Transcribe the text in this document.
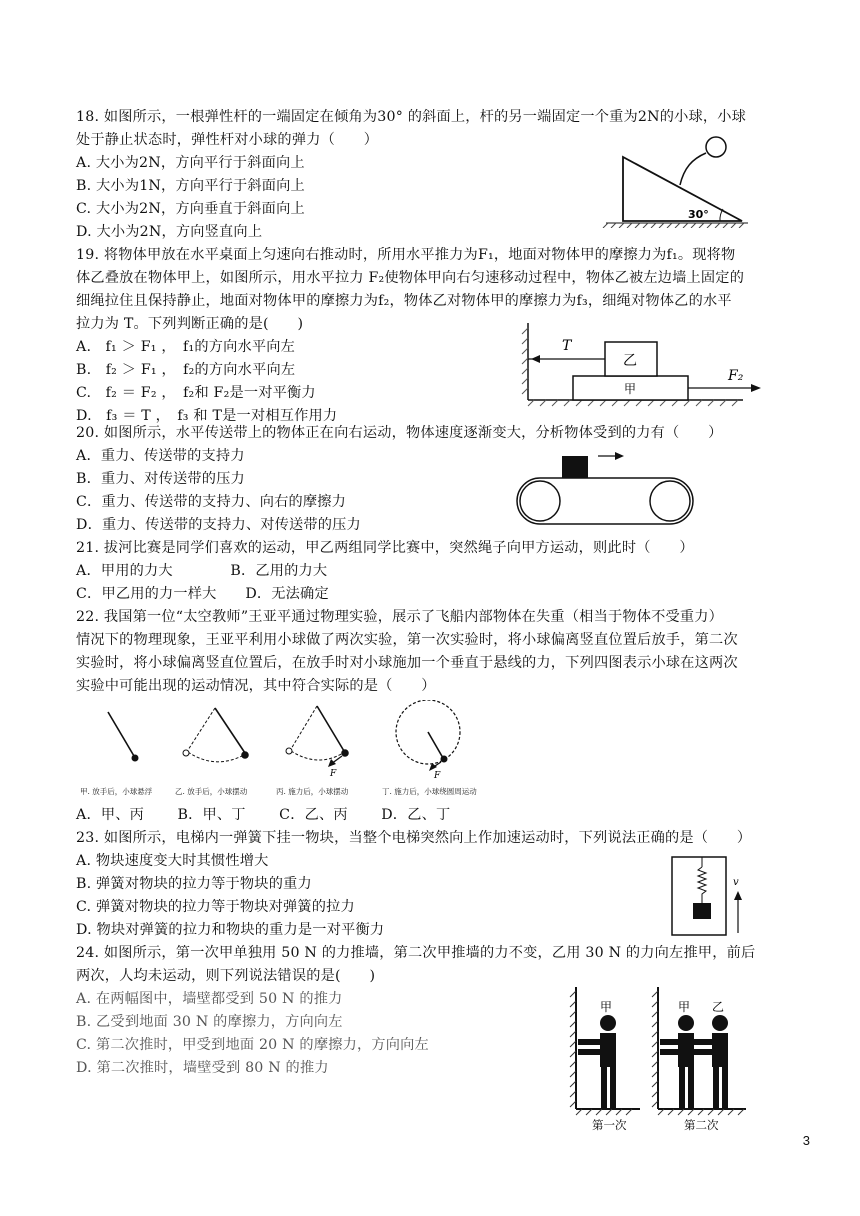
18. 如图所示，一根弹性杆的一端固定在倾角为30° 的斜面上，杆的另一端固定一个重为2N的小球，小球
处于静止状态时，弹性杆对小球的弹力（　　）
A. 大小为2N，方向平行于斜面向上
B. 大小为1N，方向平行于斜面向上
C. 大小为2N，方向垂直于斜面向上
D. 大小为2N，方向竖直向上
30°
19. 将物体甲放在水平桌面上匀速向右推动时，所用水平推力为F₁，地面对物体甲的摩擦力为f₁。现将物
体乙叠放在物体甲上，如图所示，用水平拉力 F₂使物体甲向右匀速移动过程中，物体乙被左边墙上固定的
细绳拉住且保持静止，地面对物体甲的摩擦力为f₂，物体乙对物体甲的摩擦力为f₃，细绳对物体乙的水平
拉力为 T。下列判断正确的是(　　)
A.　f₁ ＞ F₁ ，　f₁的方向水平向左
B.　f₂ ＞ F₁ ，　f₂的方向水平向左
C.　f₂ ＝ F₂ ，　f₂和 F₂是一对平衡力
D.　f₃ ＝ T ，　f₃ 和 T是一对相互作用力
T
乙
甲
F₂
20. 如图所示，水平传送带上的物体正在向右运动，物体速度逐渐变大，分析物体受到的力有（　　）
A．重力、传送带的支持力
B．重力、对传送带的压力
C．重力、传送带的支持力、向右的摩擦力
D．重力、传送带的支持力、对传送带的压力
21. 拔河比赛是同学们喜欢的运动，甲乙两组同学比赛中，突然绳子向甲方运动，则此时（　　）
A．甲用的力大　　　　B．乙用的力大
C．甲乙用的力一样大　　D．无法确定
22. 我国第一位“太空教师”王亚平通过物理实验，展示了飞船内部物体在失重（相当于物体不受重力）
情况下的物理现象，王亚平利用小球做了两次实验，第一次实验时，将小球偏离竖直位置后放手，第二次
实验时，将小球偏离竖直位置后，在放手时对小球施加一个垂直于悬线的力，下列四图表示小球在这两次
实验中可能出现的运动情况，其中符合实际的是（　　）
F	F
甲. 放手后，小球悬浮	乙. 放手后，小球摆动	丙. 施力后，小球摆动	丁. 施力后，小球绕圆周运动
A．甲、丙　　 B．甲、丁　　 C．乙、丙　　 D．乙、丁
23. 如图所示，电梯内一弹簧下挂一物块，当整个电梯突然向上作加速运动时，下列说法正确的是（　　）
A. 物块速度变大时其惯性增大
B. 弹簧对物块的拉力等于物块的重力
C. 弹簧对物块的拉力等于物块对弹簧的拉力
D. 物块对弹簧的拉力和物块的重力是一对平衡力
v
24. 如图所示，第一次甲单独用 50 N 的力推墙，第二次甲推墙的力不变，乙用 30 N 的力向左推甲，前后
两次，人均未运动，则下列说法错误的是(　　)
A. 在两幅图中，墙壁都受到 50 N 的推力
B. 乙受到地面 30 N 的摩擦力，方向向左
C. 第二次推时，甲受到地面 20 N 的摩擦力，方向向左
D. 第二次推时，墙壁受到 80 N 的推力
甲	甲 乙
第一次	第二次
3
